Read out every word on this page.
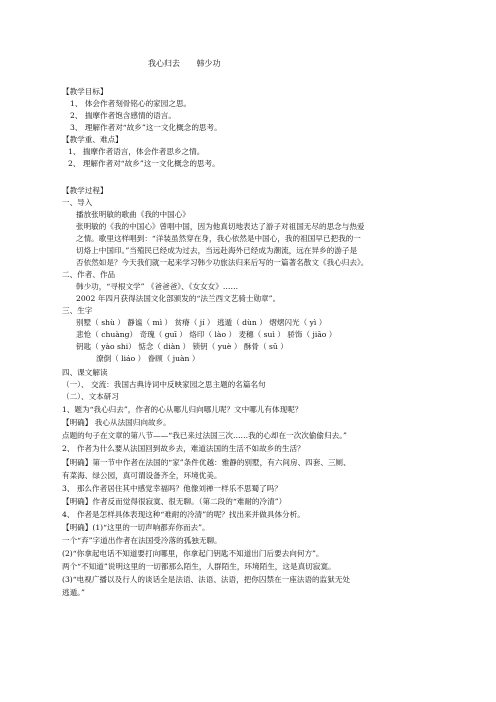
我心归去 韩少功
【教学目标】
1、 体会作者刻骨铭心的家园之思。
2、 揣摩作者饱含感情的语言。
3、 理解作者对“故乡”这一文化概念的思考。
【教学重、难点】
1、 揣摩作者语言，体会作者思乡之情。
2、 理解作者对“故乡”这一文化概念的思考。
【教学过程】
一、导入
播放张明敏的歌曲《我的中国心》
张明敏的《我的中国心》曾唱中国，因为他真切地表达了游子对祖国无尽的思念与热爱
之情。歌里这样唱到：“洋装虽然穿在身，我心依然是中国心，我的祖国早已把我的一
切烙上中国印。”当殖民已经成为过去，当远赴海外已经成为潮流，远在异乡的游子是
否依然如是？今天我们就一起来学习韩少功旅法归来后写的一篇著名散文《我心归去》。
二、作者、作品
韩少功，“寻根文学” 《爸爸爸》、《女女女》……
2002 年四月获得法国文化部颁发的“法兰西文艺骑士勋章”。
三、生字
别墅（ shù ） 静谧（ mì ） 贫瘠（ jí ） 逃遁（ dùn ） 熠熠闪光（ yì ）
悲怆（ chuàng） 奇瑰（ guī ） 烙印（ lào ） 麦穗（ suì ） 骄饰（ jiāo ）
钥匙（ yào shi） 惦念（ diàn ） 锁钥（ yuè ） 酥骨（ sū ）
潦倒（ liáo ） 眷顾（ juàn ）
四、课文解读
（一）、 交流：我国古典诗词中反映家园之思主题的名篇名句
（二）、文本研习
1、题为“我心归去”，作者的心从哪儿归向哪儿呢？文中哪儿有体现呢？
【明确】 我心从法国归向故乡。
点题的句子在文章的第八节——“我已来过法国三次……我的心却在一次次偷偷归去。”
2、 作者为什么要从法国回到故乡去，难道法国的生活不如故乡的生活？
【明确】第一节中作者在法国的“家”条件优越：雅静的别墅，有六间房、四套、三厕、
有菜海、绿公园，真可谓设备齐全，环境优美。
3、 那么作者居住其中感觉幸福吗？他像刘禅一样乐不思蜀了吗？
【明确】作者反而觉得很寂寞、很无聊。（第二段的“难耐的冷清”）
4、 作者是怎样具体表现这种“难耐的冷清”的呢？找出来并做具体分析。
【明确】(1)“这里的一切声响都弃你而去”。
一个“弃”字道出作者在法国受冷落的孤独无聊。
(2)“你拿起电话不知道要打向哪里，你拿起门钥匙不知道出门后要去向何方”。
两个“不知道”说明这里的一切都那么陌生，人群陌生，环境陌生，这是真切寂寞。
(3)“电视广播以及行人的谈话全是法语、法语、法语，把你囚禁在一座法语的监狱无处
逃遁。”
